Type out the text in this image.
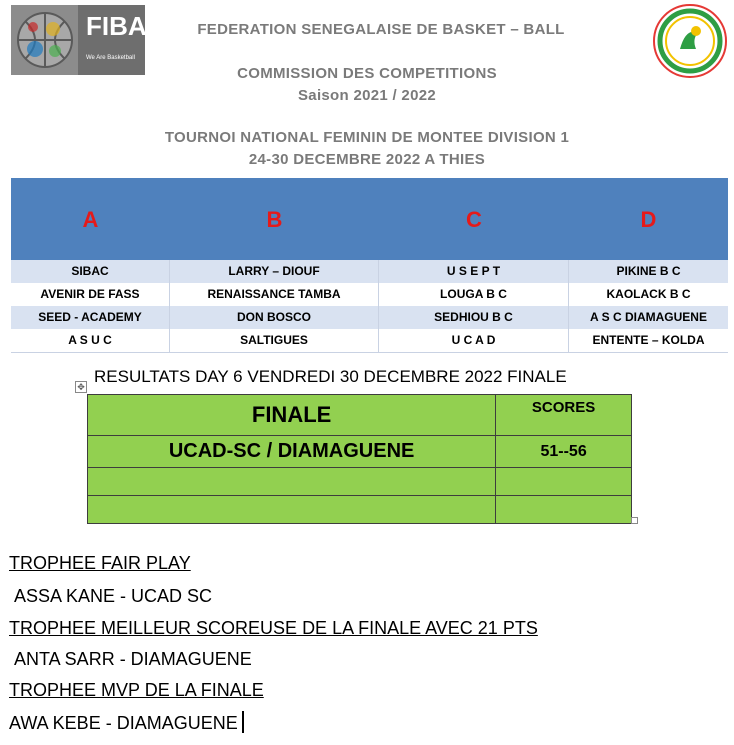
FIBA
We Are Basketball
FEDERATION SENEGALAISE DE BASKET – BALL
COMMISSION DES COMPETITIONS
Saison 2021 / 2022
TOURNOI NATIONAL FEMININ DE MONTEE DIVISION 1
24-30 DECEMBRE 2022 A THIES
A	B	C	D
SIBAC	LARRY – DIOUF	U S E P T	PIKINE B C
AVENIR DE FASS	RENAISSANCE TAMBA	LOUGA B C	KAOLACK B C
SEED - ACADEMY	DON BOSCO	SEDHIOU B C	A S C DIAMAGUENE
A S U C	SALTIGUES	U C A D	ENTENTE – KOLDA
✥
RESULTATS DAY 6 VENDREDI 30 DECEMBRE 2022 FINALE
FINALE	SCORES
UCAD-SC / DIAMAGUENE	51--56

TROPHEE FAIR PLAY
ASSA KANE - UCAD SC
TROPHEE MEILLEUR SCOREUSE DE LA FINALE AVEC 21 PTS
ANTA SARR - DIAMAGUENE
TROPHEE MVP DE LA FINALE
AWA KEBE - DIAMAGUENE
